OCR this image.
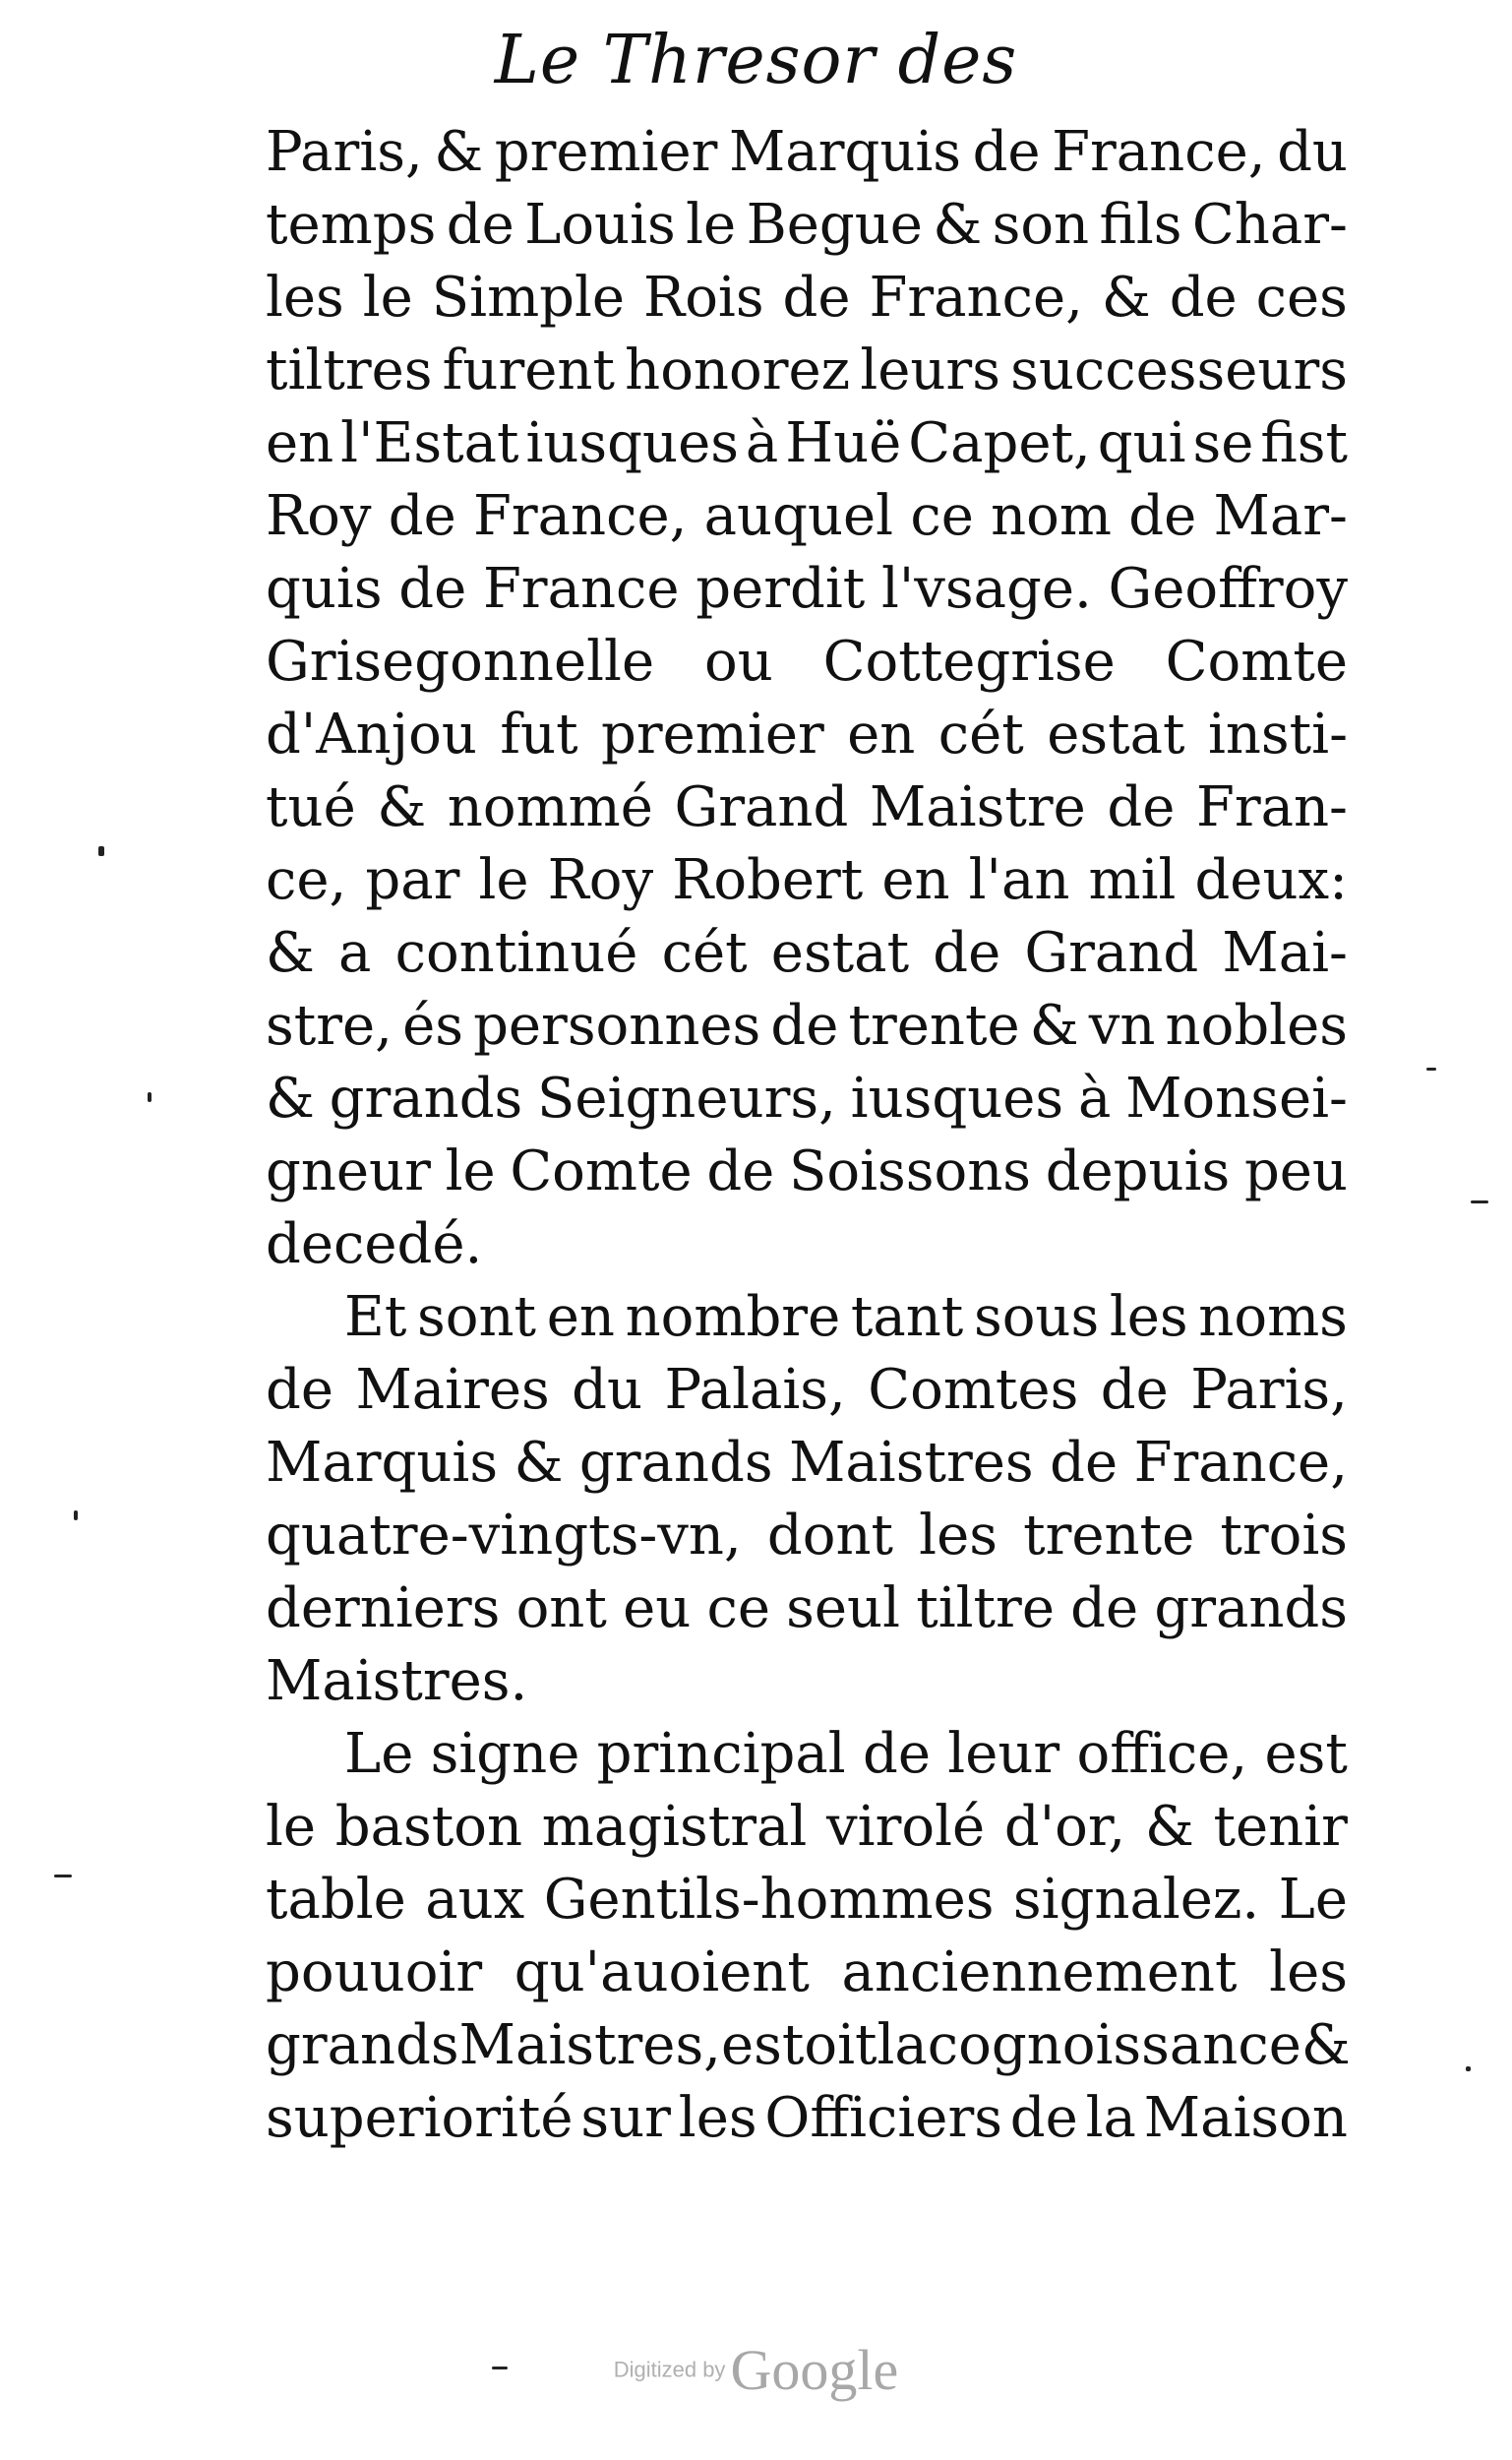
Le Thresor des
Paris, & premier Marquis de France, du
temps de Louis le Begue & son fils Char-
les le Simple Rois de France, & de ces
tiltres furent honorez leurs successeurs
en l'Estat iusques à Huë Capet, qui se fist
Roy de France, auquel ce nom de Mar-
quis de France perdit l'vsage. Geoffroy
Grisegonnelle ou Cottegrise Comte
d'Anjou fut premier en cét estat insti-
tué & nommé Grand Maistre de Fran-
ce, par le Roy Robert en l'an mil deux:
& a continué cét estat de Grand Mai-
stre, és personnes de trente & vn nobles
& grands Seigneurs, iusques à Monsei-
gneur le Comte de Soissons depuis peu
decedé.
Et sont en nombre tant sous les noms
de Maires du Palais, Comtes de Paris,
Marquis & grands Maistres de France,
quatre-vingts-vn, dont les trente trois
derniers ont eu ce seul tiltre de grands
Maistres.
Le signe principal de leur office, est
le baston magistral virolé d'or, & tenir
table aux Gentils-hommes signalez. Le
pouuoir qu'auoient anciennement les
grands Maistres, estoit la cognoissance &
superiorité sur les Officiers de la Maison
Digitized by Google
